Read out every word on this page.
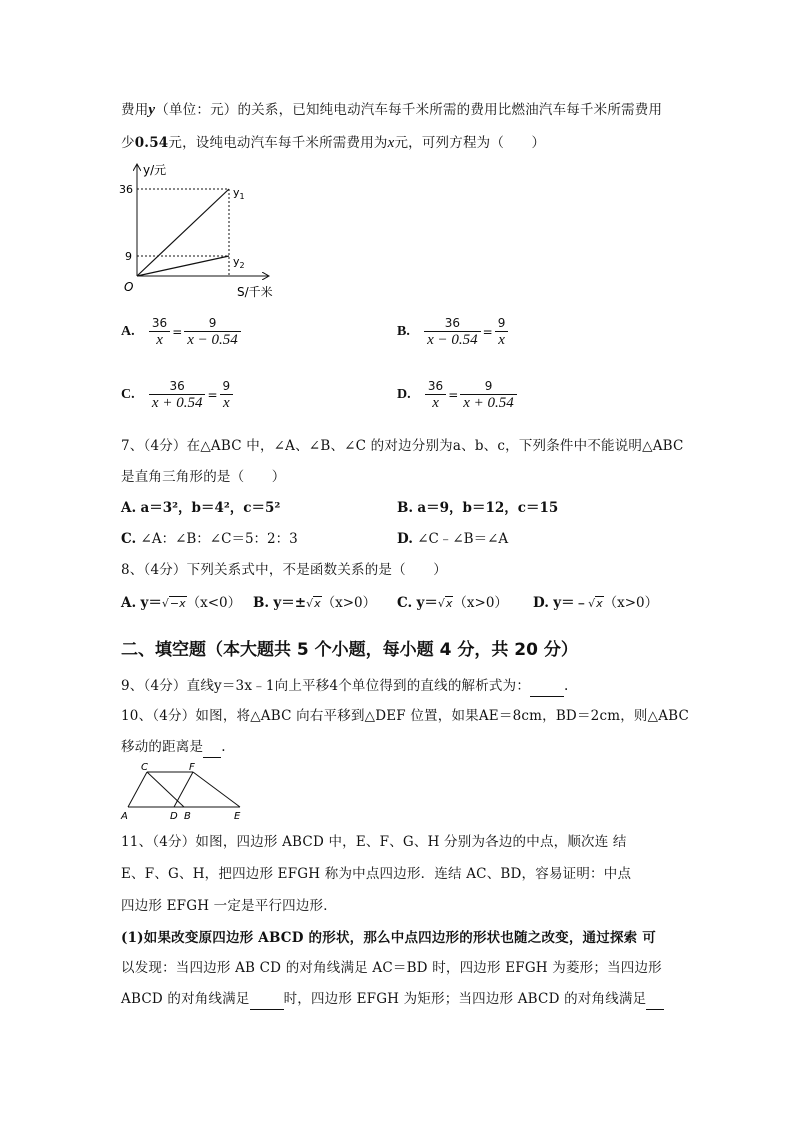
费用y（单位：元）的关系，已知纯电动汽车每千米所需的费用比燃油汽车每千米所需费用
少0.54元，设纯电动汽车每千米所需费用为x元，可列方程为（　　）
y/元
S/千米
O
36
9
$y_1$
$y_2$
A. $\frac{36}{x} = \frac{9}{x - 0.54}$	B. $\frac{36}{x - 0.54} = \frac{9}{x}$
C. $\frac{36}{x + 0.54} = \frac{9}{x}$	D. $\frac{36}{x} = \frac{9}{x + 0.54}$
7、（4分）在△ABC 中，∠A、∠B、∠C 的对边分别为a、b、c，下列条件中不能说明△ABC
是直角三角形的是（　　）
A. a＝3²，b＝4²，c＝5²	B. a＝9，b＝12，c＝15
C. ∠A：∠B：∠C＝5：2：3	D. ∠C﹣∠B＝∠A
8、（4分）下列关系式中，不是函数关系的是（　　）
A. y＝√−x（x<0） B. y＝±√x（x>0） C. y＝√x（x>0） D. y＝﹣√x（x>0）
二、填空题（本大题共 5 个小题，每小题 4 分，共 20 分）
9、（4分）直线y＝3x﹣1向上平移4个单位得到的直线的解析式为：	.
10、（4分）如图，将△ABC 向右平移到△DEF 位置，如果AE＝8cm，BD＝2cm，则△ABC
移动的距离是 .
C	F
A	D B	E
11、（4分）如图，四边形 ABCD 中，E、F、G、H 分别为各边的中点，顺次连 结
E、F、G、H，把四边形 EFGH 称为中点四边形．连结 AC、BD，容易证明：中点
四边形 EFGH 一定是平行四边形．
(1)如果改变原四边形 ABCD 的形状，那么中点四边形的形状也随之改变，通过探索 可
以发现：当四边形 AB CD 的对角线满足 AC＝BD 时，四边形 EFGH 为菱形；当四边形
ABCD 的对角线满足	时，四边形 EFGH 为矩形；当四边形 ABCD 的对角线满足
